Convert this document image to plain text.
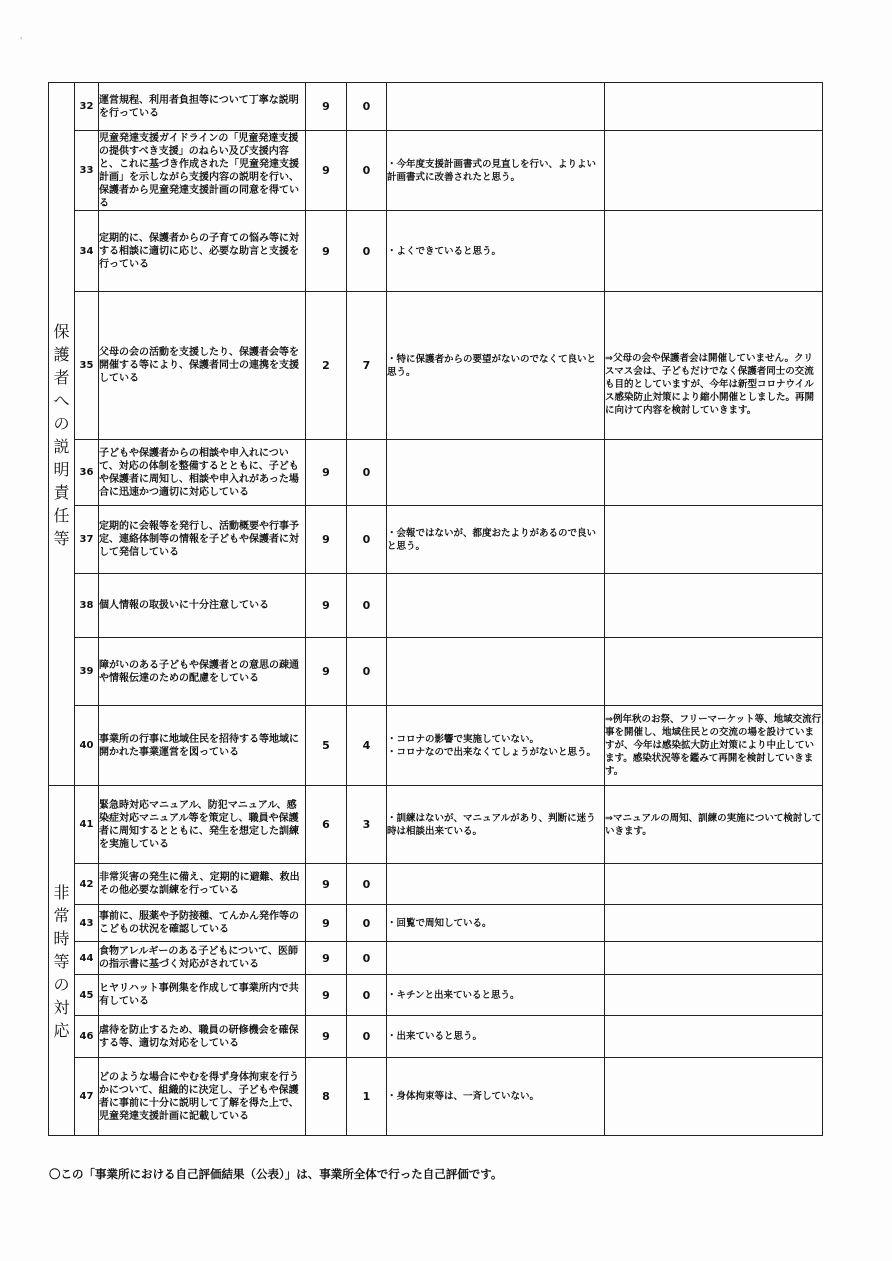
'
保護者への説明責任等	32	運営規程、利用者負担等について丁寧な説明を行っている	9	0		
	33	児童発達支援ガイドラインの「児童発達支援の提供すべき支援」のねらい及び支援内容と、これに基づき作成された「児童発達支援計画」を示しながら支援内容の説明を行い、保護者から児童発達支援計画の同意を得ている	9	0	・今年度支援計画書式の見直しを行い、よりよい計画書式に改善されたと思う。	

	34	定期的に、保護者からの子育ての悩み等に対する相談に適切に応じ、必要な助言と支援を行っている	9	0	・よくできていると思う。	

	35	父母の会の活動を支援したり、保護者会等を開催する等により、保護者同士の連携を支援している	2	7	・特に保護者からの要望がないのでなくて良いと思う。	⇒父母の会や保護者会は開催していません。クリスマス会は、子どもだけでなく保護者同士の交流も目的としていますが、今年は新型コロナウイルス感染防止対策により縮小開催としました。再開に向けて内容を検討していきます。

	36	子どもや保護者からの相談や申入れについて、対応の体制を整備するとともに、子どもや保護者に周知し、相談や申入れがあった場合に迅速かつ適切に対応している	9	0		
	37	定期的に会報等を発行し、活動概要や行事予定、連絡体制等の情報を子どもや保護者に対して発信している	9	0	・会報ではないが、都度おたよりがあるので良いと思う。	

	38	個人情報の取扱いに十分注意している	9	0		
	39	障がいのある子どもや保護者との意思の疎通や情報伝達のための配慮をしている	9	0		
	40	事業所の行事に地域住民を招待する等地域に開かれた事業運営を図っている	5	4	・コロナの影響で実施していない。
・コロナなので出来なくてしょうがないと思う。	⇒例年秋のお祭、フリーマーケット等、地域交流行事を開催し、地域住民との交流の場を設けていますが、今年は感染拡大防止対策により中止しています。感染状況等を鑑みて再開を検討していきます。

非常時等の対応	41	緊急時対応マニュアル、防犯マニュアル、感染症対応マニュアル等を策定し、職員や保護者に周知するとともに、発生を想定した訓練を実施している	6	3	・訓練はないが、マニュアルがあり、判断に迷う時は相談出来ている。	⇒マニュアルの周知、訓練の実施について検討していきます。

	42	非常災害の発生に備え、定期的に避難、救出その他必要な訓練を行っている	9	0		
	43	事前に、服薬や予防接種、てんかん発作等のこどもの状況を確認している	9	0	・回覧で周知している。	

	44	食物アレルギーのある子どもについて、医師の指示書に基づく対応がされている	9	0		
	45	ヒヤリハット事例集を作成して事業所内で共有している	9	0	・キチンと出来ていると思う。	

	46	虐待を防止するため、職員の研修機会を確保する等、適切な対応をしている	9	0	・出来ていると思う。	

	47	どのような場合にやむを得ず身体拘束を行うかについて、組織的に決定し、子どもや保護者に事前に十分に説明して了解を得た上で、児童発達支援計画に記載している	8	1	・身体拘束等は、一斉していない。	

〇この「事業所における自己評価結果（公表）」は、事業所全体で行った自己評価です。
